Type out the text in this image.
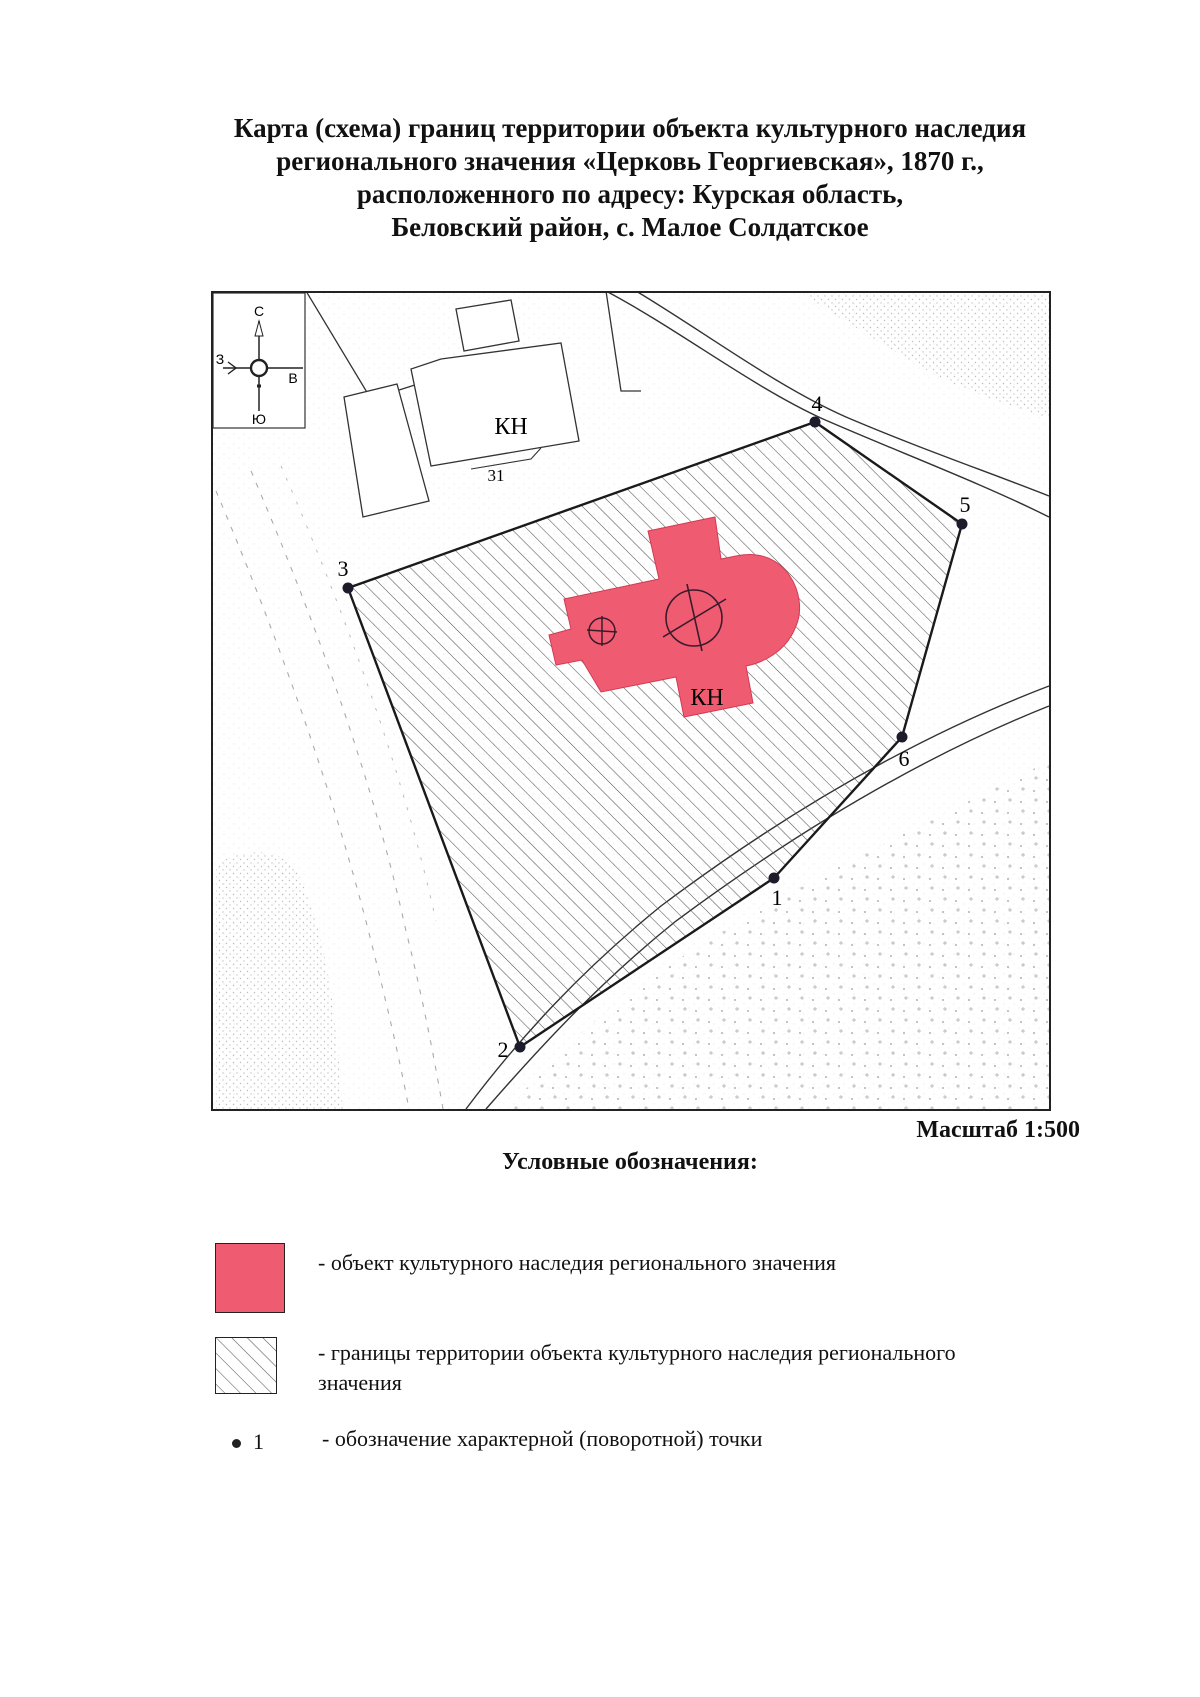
Карта (схема) границ территории объекта культурного наследия
регионального значения «Церковь Георгиевская», 1870 г.,
расположенного по адресу: Курская область,
Беловский район, с. Малое Солдатское
КН
31
С
Ю
З
В
КН
1
2
3
4
5
6
Масштаб 1:500
Условные обозначения:
- объект культурного наследия регионального значения
- границы территории объекта культурного наследия регионального значения
1	- обозначение характерной (поворотной) точки
